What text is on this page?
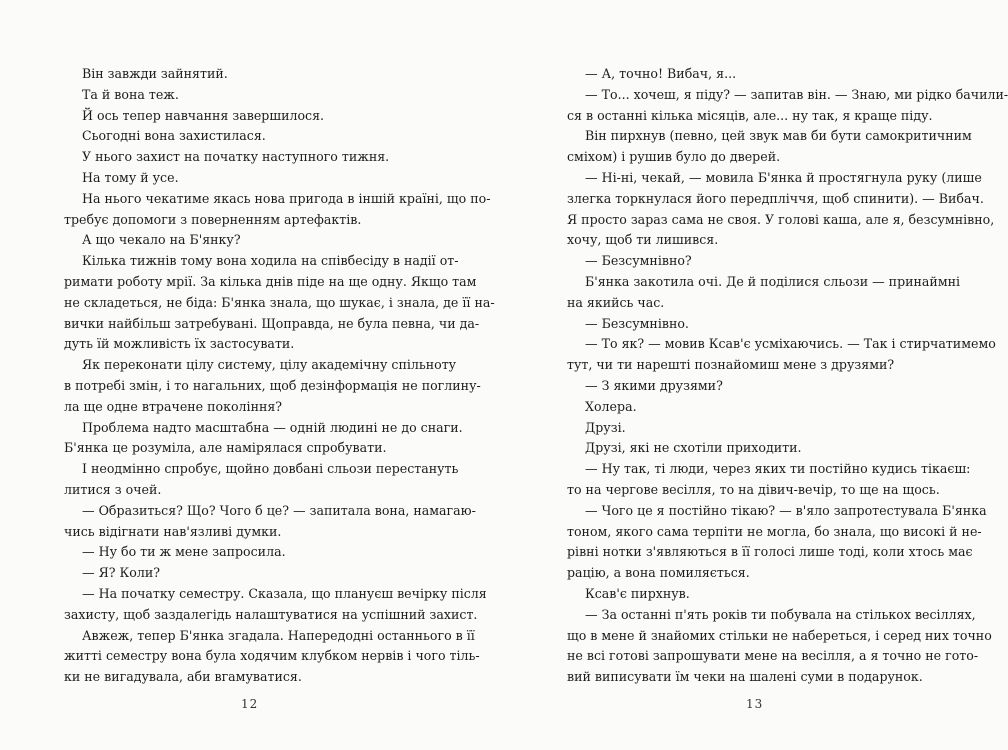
Він завжди зайнятий.
Та й вона теж.
Й ось тепер навчання завершилося.
Сьогодні вона захистилася.
У нього захист на початку наступного тижня.
На тому й усе.
На нього чекатиме якась нова пригода в іншій країні, що по-
требує допомоги з поверненням артефактів.
А що чекало на Б'янку?
Кілька тижнів тому вона ходила на співбесіду в надії от-
римати роботу мрії. За кілька днів піде на ще одну. Якщо там
не складеться, не біда: Б'янка знала, що шукає, і знала, де її на-
вички найбільш затребувані. Щоправда, не була певна, чи да-
дуть їй можливість їх застосувати.
Як переконати цілу систему, цілу академічну спільноту
в потребі змін, і то нагальних, щоб дезінформація не поглину-
ла ще одне втрачене покоління?
Проблема надто масштабна — одній людині не до снаги.
Б'янка це розуміла, але намірялася спробувати.
І неодмінно спробує, щойно довбані сльози перестануть
литися з очей.
— Образиться? Що? Чого б це? — запитала вона, намагаю-
чись відігнати нав'язливі думки.
— Ну бо ти ж мене запросила.
— Я? Коли?
— На початку семестру. Сказала, що плануєш вечірку після
захисту, щоб заздалегідь налаштуватися на успішний захист.
Авжеж, тепер Б'янка згадала. Напередодні останнього в її
житті семестру вона була ходячим клубком нервів і чого тіль-
ки не вигадувала, аби вгамуватися.
— А, точно! Вибач, я...
— То... хочеш, я піду? — запитав він. — Знаю, ми рідко бачили-
ся в останні кілька місяців, але... ну так, я краще піду.
Він пирхнув (певно, цей звук мав би бути самокритичним
сміхом) і рушив було до дверей.
— Ні-ні, чекай, — мовила Б'янка й простягнула руку (лише
злегка торкнулася його передпліччя, щоб спинити). — Вибач.
Я просто зараз сама не своя. У голові каша, але я, безсумнівно,
хочу, щоб ти лишився.
— Безсумнівно?
Б'янка закотила очі. Де й поділися сльози — принаймні
на якийсь час.
— Безсумнівно.
— То як? — мовив Ксав'є усміхаючись. — Так і стирчатимемо
тут, чи ти нарешті познайомиш мене з друзями?
— З якими друзями?
Холера.
Друзі.
Друзі, які не схотіли приходити.
— Ну так, ті люди, через яких ти постійно кудись тікаєш:
то на чергове весілля, то на дівич-вечір, то ще на щось.
— Чого це я постійно тікаю? — в'яло запротестувала Б'янка
тоном, якого сама терпіти не могла, бо знала, що високі й не-
рівні нотки з'являються в її голосі лише тоді, коли хтось має
рацію, а вона помиляється.
Ксав'є пирхнув.
— За останні п'ять років ти побувала на стількох весіллях,
що в мене й знайомих стільки не набереться, і серед них точно
не всі готові запрошувати мене на весілля, а я точно не гото-
вий виписувати їм чеки на шалені суми в подарунок.
12	13
